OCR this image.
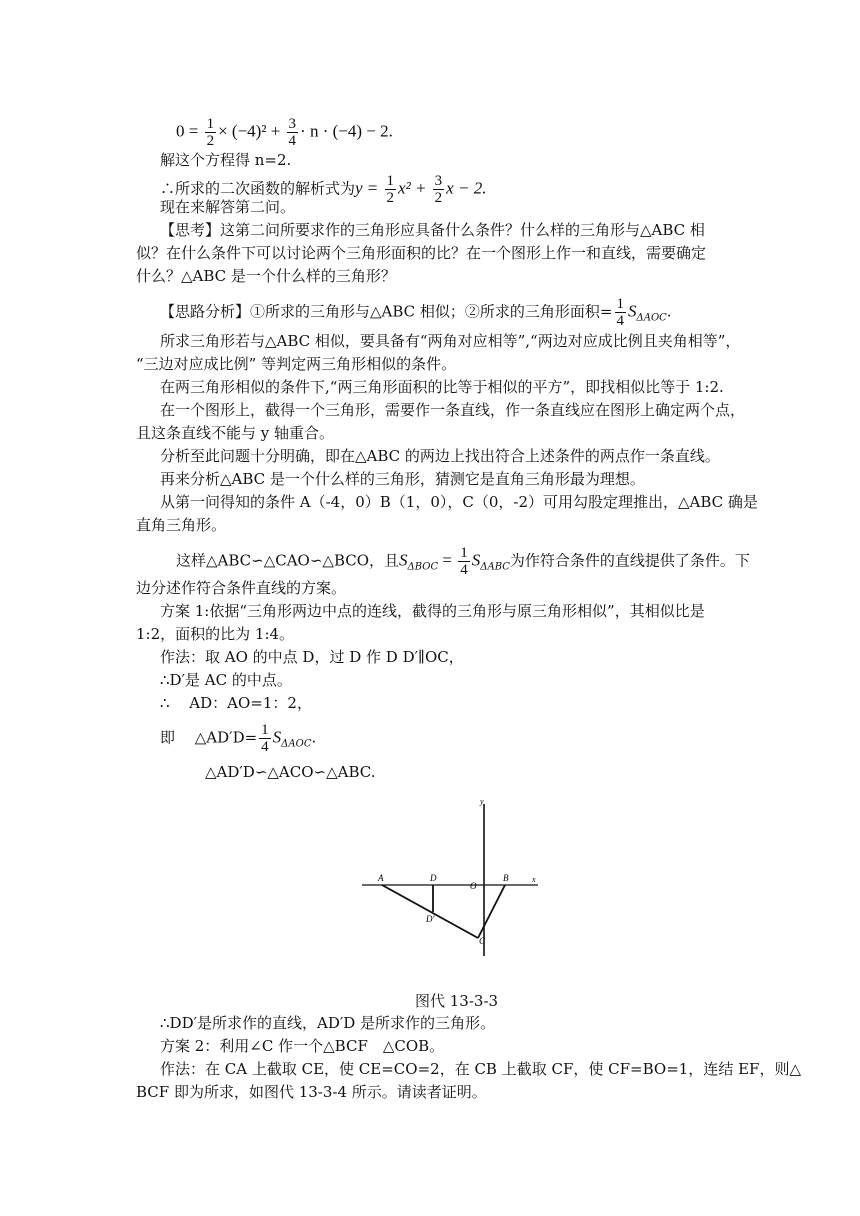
$0 = \frac{1}{2} \times (-4)^2 + \frac{3}{4} \cdot n \cdot (-4) - 2$.
解这个方程得 n=2.
∴所求的二次函数的解析式为$y = \frac{1}{2} x^2 + \frac{3}{2}$ x − 2.
现在来解答第二问。
【思考】这第二问所要求作的三角形应具备什么条件？什么样的三角形与△ABC 相
似？在什么条件下可以讨论两个三角形面积的比？在一个图形上作一和直线，需要确定
什么？△ABC 是一个什么样的三角形？
【思路分析】①所求的三角形与△ABC 相似；②所求的三角形面积= $\frac{1}{4} S_{\Delta AOC}$.
所求三角形若与△ABC 相似，要具备有“两角对应相等”,“两边对应成比例且夹角相等”，
“三边对应成比例” 等判定两三角形相似的条件。
在两三角形相似的条件下,“两三角形面积的比等于相似的平方”，即找相似比等于 1:2.
在一个图形上，截得一个三角形，需要作一条直线，作一条直线应在图形上确定两个点，
且这条直线不能与 y 轴重合。
分析至此问题十分明确，即在△ABC 的两边上找出符合上述条件的两点作一条直线。
再来分析△ABC 是一个什么样的三角形，猜测它是直角三角形最为理想。
从第一问得知的条件 A（-4，0）B（1，0），C（0，-2）可用勾股定理推出，△ABC 确是
直角三角形。
这样△ABC∽△CAO∽△BCO，且$S_{\Delta BOC} = \frac{1}{4} S_{\Delta ABC}$为作符合条件的直线提供了条件。下
边分述作符合条件直线的方案。
方案 1:依据“三角形两边中点的连线，截得的三角形与原三角形相似”，其相似比是
1:2，面积的比为 1:4。
作法：取 AO 的中点 D，过 D 作 D D′∥OC，
∴D′是 AC 的中点。
∴　 AD：AO=1：2，
即　 △AD′D= $\frac{1}{4} S_{\Delta AOC}$.
△AD′D∽△ACO∽△ABC.
A	D
O
B	x
y
D′
C
图代 13-3-3
∴DD′是所求作的直线，AD′D 是所求作的三角形。
方案 2：利用∠C 作一个△BCF　△COB。
作法：在 CA 上截取 CE，使 CE=CO=2，在 CB 上截取 CF，使 CF=BO=1，连结 EF，则△
BCF 即为所求，如图代 13-3-4 所示。请读者证明。
